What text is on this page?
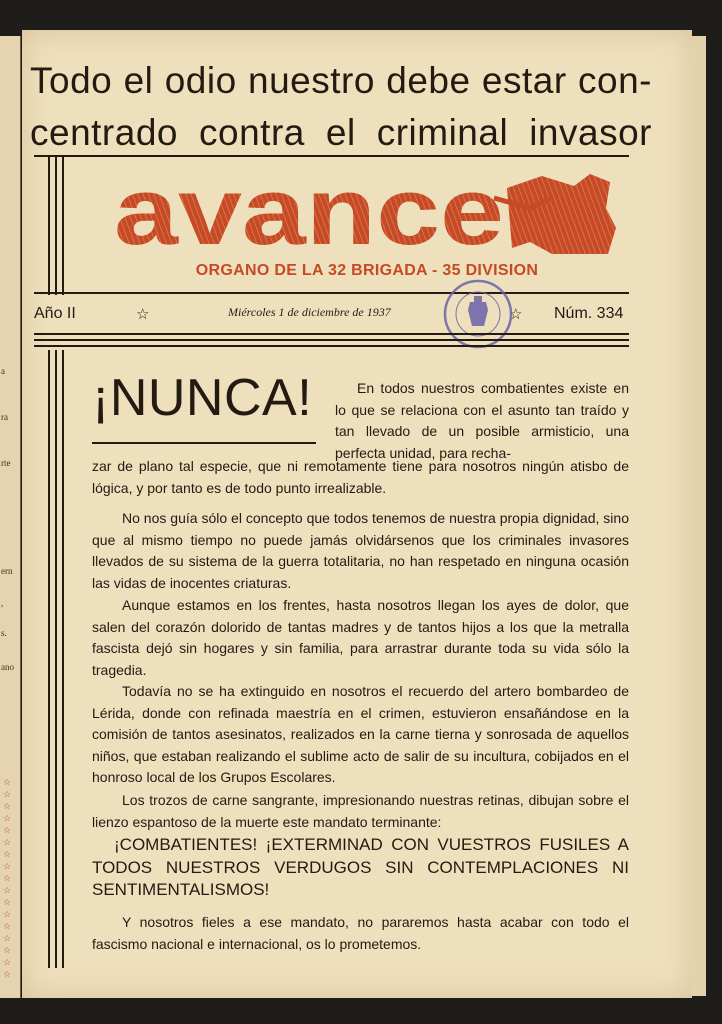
a
ra
rte
ern
,
s.
ano
☆
☆
☆
☆
☆
☆
☆
☆
☆
☆
☆
☆
☆
☆
☆
☆
☆
Todo el odio nuestro debe estar con-
centrado contra el criminal invasor
avance
ORGANO DE LA 32 BRIGADA - 35 DIVISION
Año II	☆	Miércoles 1 de diciembre de 1937	☆ Núm. 334
¡NUNCA!	En todos nuestros combatientes existe en lo que se relaciona con el asunto tan traído y tan llevado de un posible armisticio, una perfecta unidad, para recha-

zar de plano tal especie, que ni remotamente tiene para nosotros ningún atisbo de lógica, y por tanto es de todo punto irrealizable.

No nos guía sólo el concepto que todos tenemos de nuestra propia dignidad, sino que al mismo tiempo no puede jamás olvidársenos que los criminales invasores llevados de su sistema de la guerra totalitaria, no han respetado en ninguna ocasión las vidas de inocentes criaturas.

Aunque estamos en los frentes, hasta nosotros llegan los ayes de dolor, que salen del corazón dolorido de tantas madres y de tantos hijos a los que la metralla fascista dejó sin hogares y sin familia, para arrastrar durante toda su vida sólo la tragedia.

Todavía no se ha extinguido en nosotros el recuerdo del artero bombardeo de Lérida, donde con refinada maestría en el crimen, estuvieron ensañándose en la comisión de tantos asesinatos, realizados en la carne tierna y sonrosada de aquellos niños, que estaban realizando el sublime acto de salir de su incultura, cobijados en el honroso local de los Grupos Escolares.

Los trozos de carne sangrante, impresionando nuestras retinas, dibujan sobre el lienzo espantoso de la muerte este mandato terminante:

¡COMBATIENTES! ¡EXTERMINAD CON VUESTROS FUSILES A TODOS NUESTROS VERDUGOS SIN CONTEMPLACIONES NI SENTIMENTALISMOS!

Y nosotros fieles a ese mandato, no pararemos hasta acabar con todo el fascismo nacional e internacional, os lo prometemos.
